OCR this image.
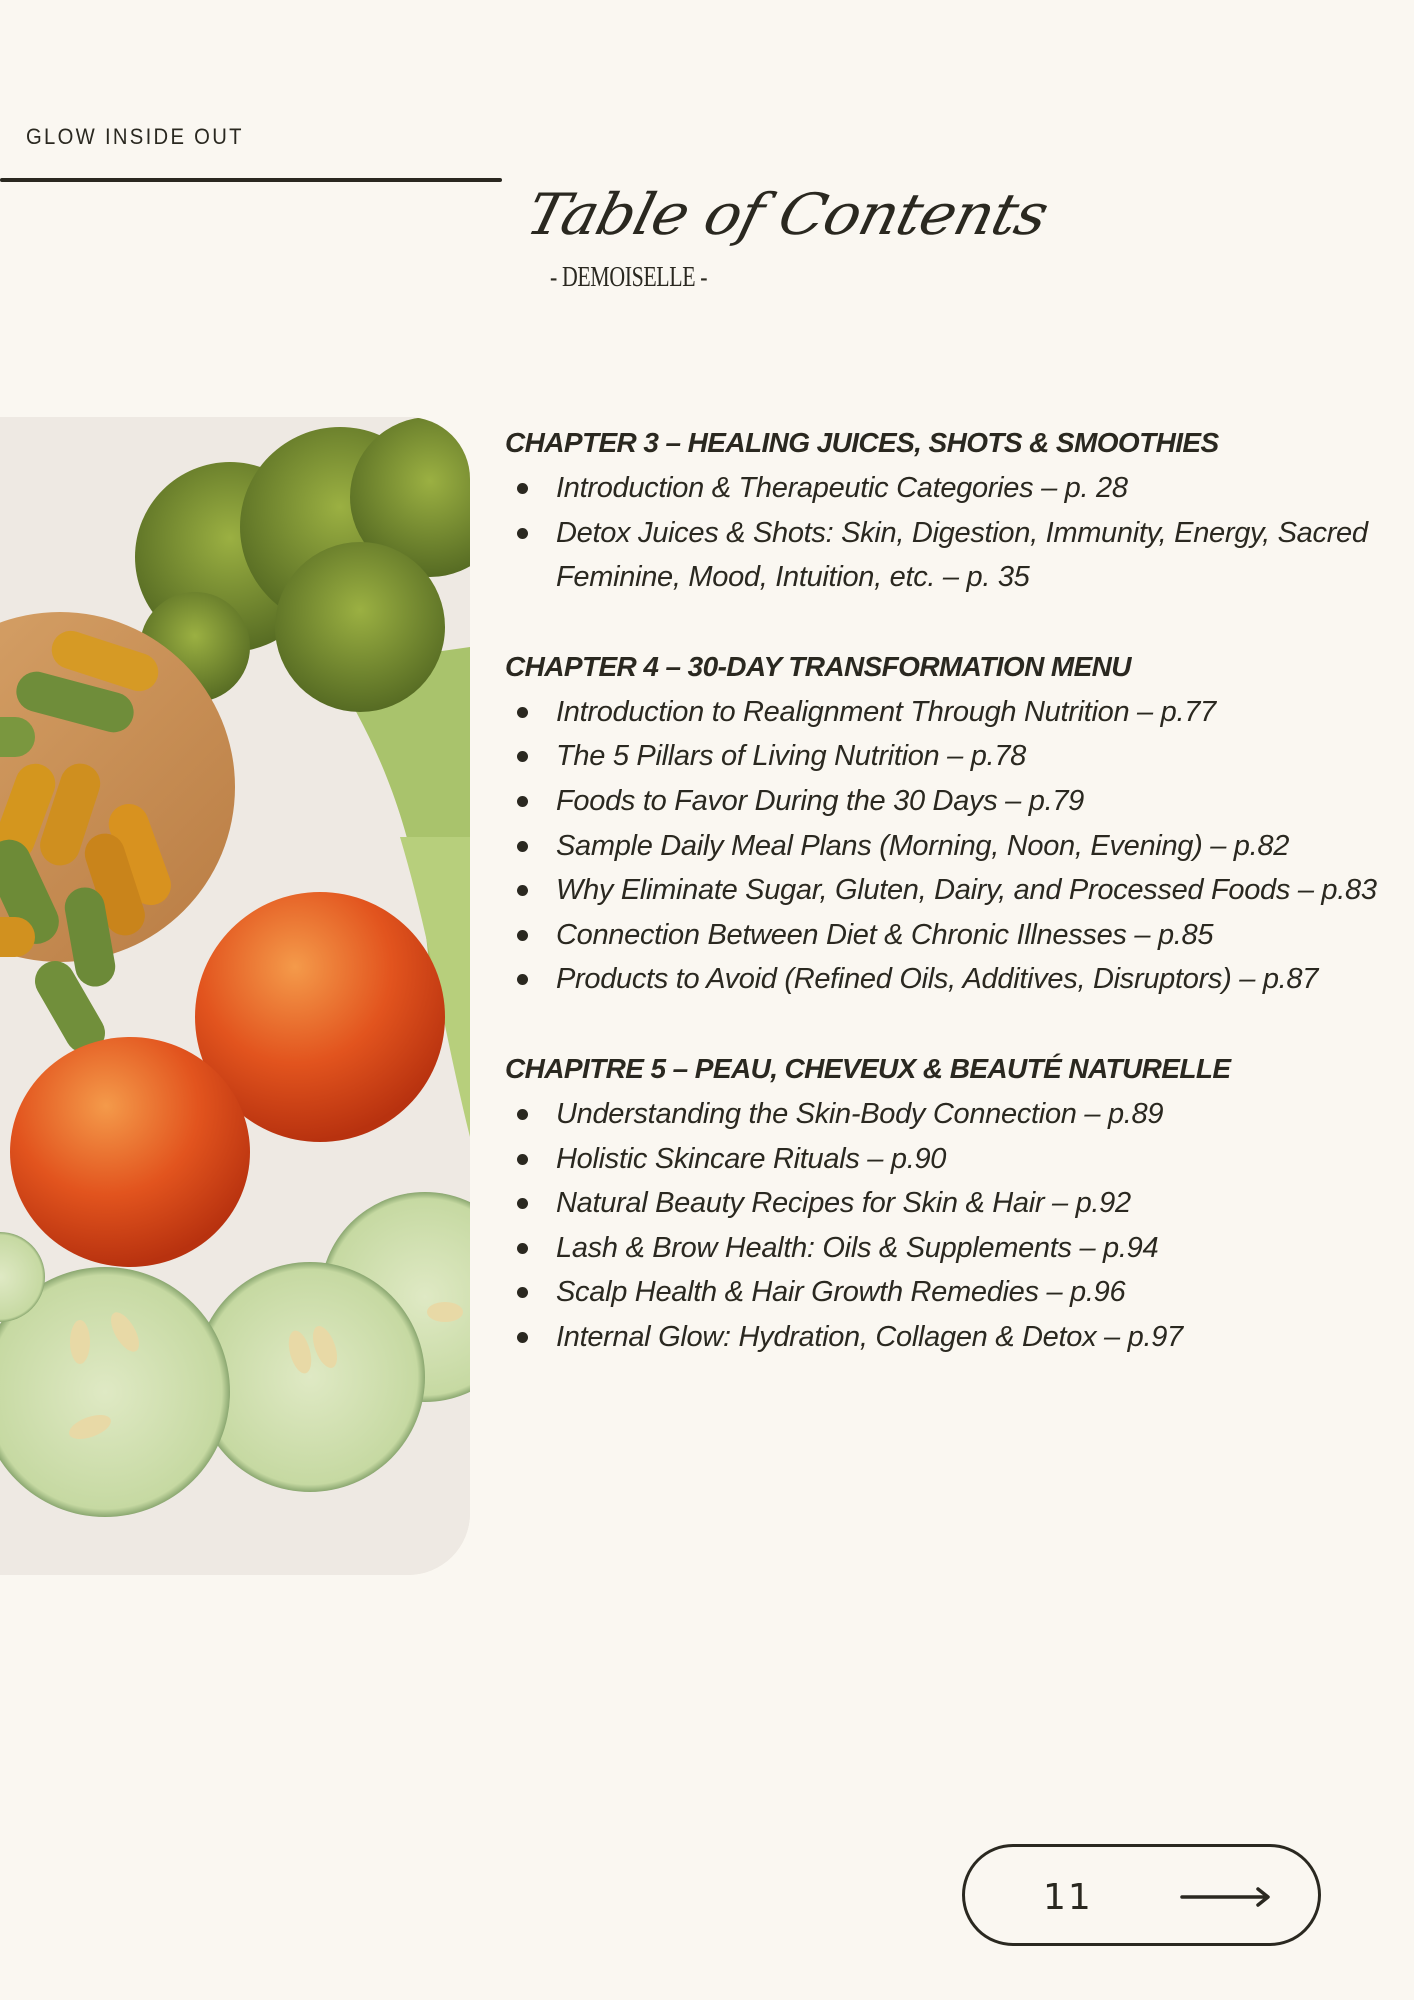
GLOW INSIDE OUT
Table of Contents
- DEMOISELLE -
CHAPTER 3 – HEALING JUICES, SHOTS & SMOOTHIES
Introduction & Therapeutic Categories – p. 28
Detox Juices & Shots: Skin, Digestion, Immunity, Energy, Sacred Feminine, Mood, Intuition, etc. – p. 35
CHAPTER 4 – 30-DAY TRANSFORMATION MENU
Introduction to Realignment Through Nutrition – p.77
The 5 Pillars of Living Nutrition – p.78
Foods to Favor During the 30 Days – p.79
Sample Daily Meal Plans (Morning, Noon, Evening) – p.82
Why Eliminate Sugar, Gluten, Dairy, and Processed Foods – p.83
Connection Between Diet & Chronic Illnesses – p.85
Products to Avoid (Refined Oils, Additives, Disruptors) – p.87
CHAPITRE 5 – PEAU, CHEVEUX & BEAUTÉ NATURELLE
Understanding the Skin-Body Connection – p.89
Holistic Skincare Rituals – p.90
Natural Beauty Recipes for Skin & Hair – p.92
Lash & Brow Health: Oils & Supplements – p.94
Scalp Health & Hair Growth Remedies – p.96
Internal Glow: Hydration, Collagen & Detox – p.97
11
